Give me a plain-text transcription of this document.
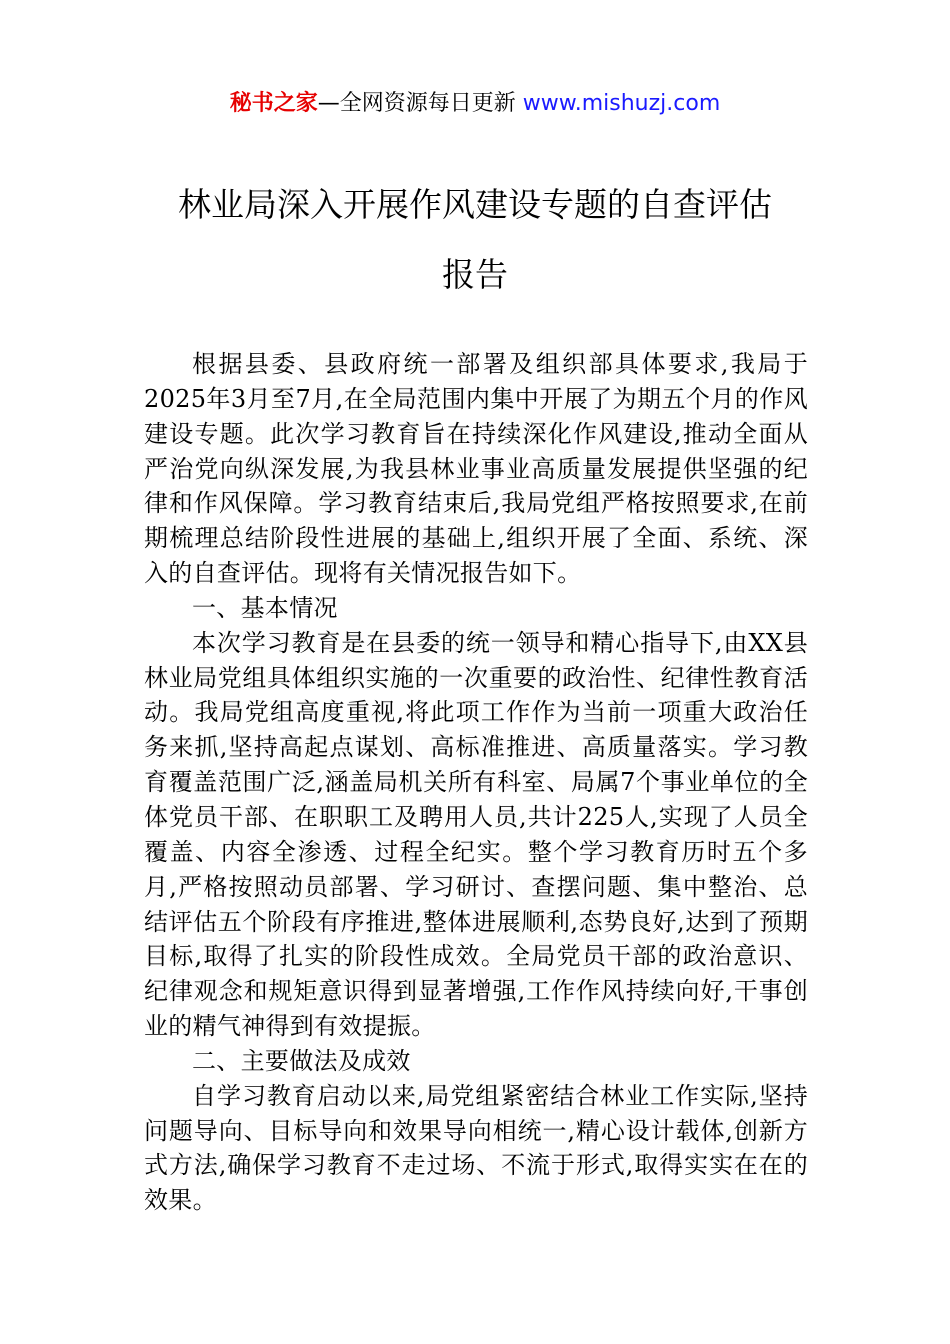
秘书之家—全网资源每日更新 www.mishuzj.com
林业局深入开展作风建设专题的自查评估
报告

根据县委、县政府统一部署及组织部具体要求,我局于2025年3月至7月,在全局范围内集中开展了为期五个月的作风建设专题。此次学习教育旨在持续深化作风建设,推动全面从严治党向纵深发展,为我县林业事业高质量发展提供坚强的纪律和作风保障。学习教育结束后,我局党组严格按照要求,在前期梳理总结阶段性进展的基础上,组织开展了全面、系统、深入的自查评估。现将有关情况报告如下。

一、基本情况

本次学习教育是在县委的统一领导和精心指导下,由XX县林业局党组具体组织实施的一次重要的政治性、纪律性教育活动。我局党组高度重视,将此项工作作为当前一项重大政治任务来抓,坚持高起点谋划、高标准推进、高质量落实。学习教育覆盖范围广泛,涵盖局机关所有科室、局属7个事业单位的全体党员干部、在职职工及聘用人员,共计225人,实现了人员全覆盖、内容全渗透、过程全纪实。整个学习教育历时五个多月,严格按照动员部署、学习研讨、查摆问题、集中整治、总结评估五个阶段有序推进,整体进展顺利,态势良好,达到了预期目标,取得了扎实的阶段性成效。全局党员干部的政治意识、纪律观念和规矩意识得到显著增强,工作作风持续向好,干事创业的精气神得到有效提振。

二、主要做法及成效

自学习教育启动以来,局党组紧密结合林业工作实际,坚持问题导向、目标导向和效果导向相统一,精心设计载体,创新方式方法,确保学习教育不走过场、不流于形式,取得实实在在的效果。
